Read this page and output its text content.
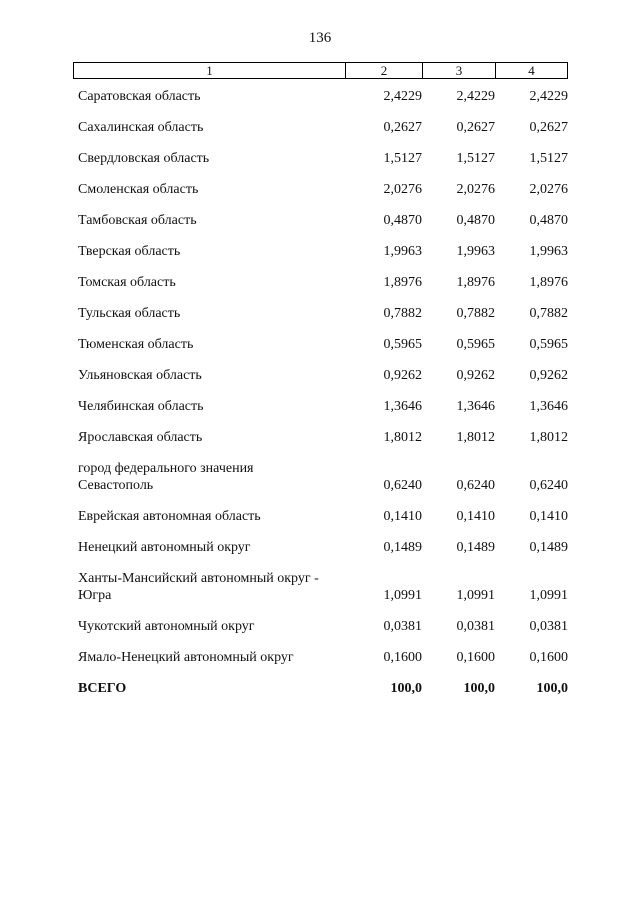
136
1	2	3	4
Саратовская область	2,4229 2,4229 2,4229
Сахалинская область	0,2627 0,2627 0,2627
Свердловская область	1,5127 1,5127 1,5127
Смоленская область	2,0276 2,0276 2,0276
Тамбовская область	0,4870 0,4870 0,4870
Тверская область	1,9963 1,9963 1,9963
Томская область	1,8976 1,8976 1,8976
Тульская область	0,7882 0,7882 0,7882
Тюменская область	0,5965 0,5965 0,5965
Ульяновская область	0,9262 0,9262 0,9262
Челябинская область	1,3646 1,3646 1,3646
Ярославская область	1,8012 1,8012 1,8012
город федерального значения
Севастополь	0,6240 0,6240 0,6240
Еврейская автономная область	0,1410 0,1410 0,1410
Ненецкий автономный округ	0,1489 0,1489 0,1489
Ханты-Мансийский автономный округ -
Югра	1,0991 1,0991 1,0991
Чукотский автономный округ	0,0381 0,0381 0,0381
Ямало-Ненецкий автономный округ	0,1600 0,1600 0,1600
ВСЕГО	100,0	100,0	100,0
